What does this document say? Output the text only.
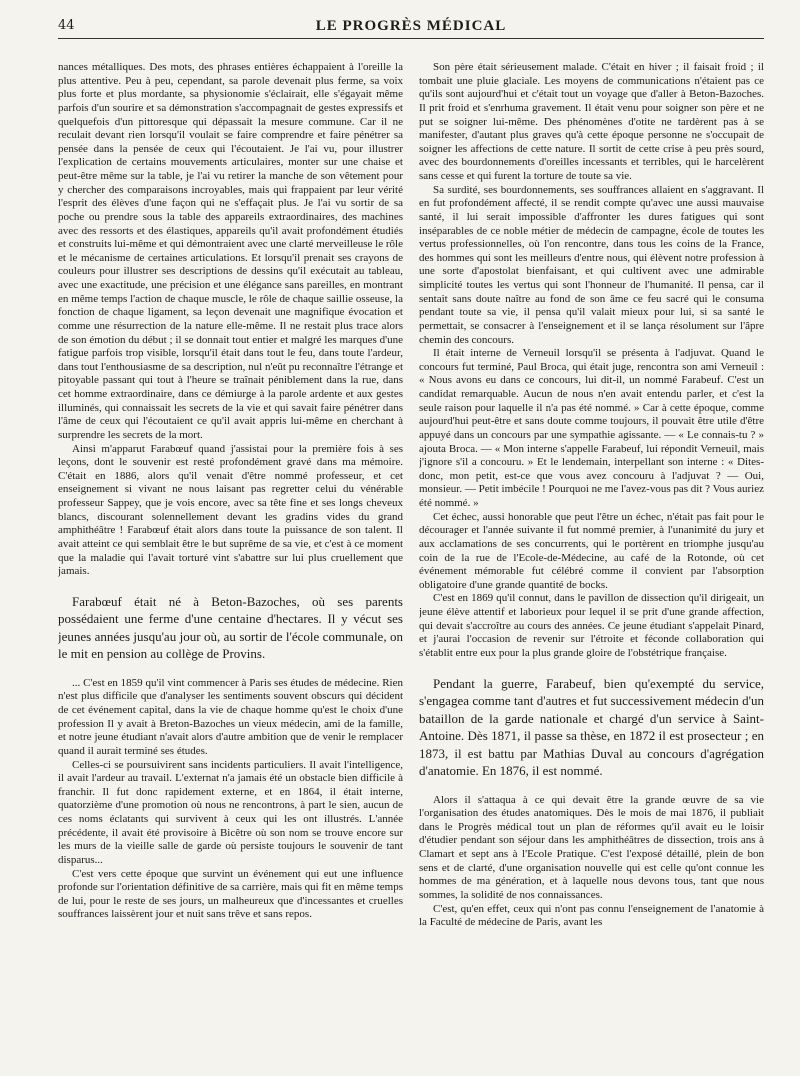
44	LE PROGRÈS MÉDICAL

nances métalliques. Des mots, des phrases entières échappaient à l'oreille la plus attentive. Peu à peu, cependant, sa parole devenait plus ferme, sa voix plus forte et plus mordante, sa physionomie s'éclairait, elle s'égayait même parfois d'un sourire et sa démonstration s'accompagnait de gestes expressifs et quelquefois d'un pittoresque qui dépassait la mesure commune. Car il ne reculait devant rien lorsqu'il voulait se faire comprendre et faire pénétrer sa pensée dans la pensée de ceux qui l'écoutaient. Je l'ai vu, pour illustrer l'explication de certains mouvements articulaires, monter sur une chaise et peut-être même sur la table, je l'ai vu retirer la manche de son vêtement pour y chercher des comparaisons incroyables, mais qui frappaient par leur vérité l'esprit des élèves d'une façon qui ne s'effaçait plus. Je l'ai vu sortir de sa poche ou prendre sous la table des appareils extraordinaires, des machines avec des ressorts et des élastiques, appareils qu'il avait profondément étudiés et construits lui-même et qui démontraient avec une clarté merveilleuse le rôle et le mécanisme de certaines articulations. Et lorsqu'il prenait ses crayons de couleurs pour illustrer ses descriptions de dessins qu'il exécutait au tableau, avec une exactitude, une précision et une élégance sans pareilles, en montrant en même temps l'action de chaque muscle, le rôle de chaque saillie osseuse, la fonction de chaque ligament, sa leçon devenait une magnifique évocation et comme une résurrection de la nature elle-même. Il ne restait plus trace alors de son émotion du début ; il se donnait tout entier et malgré les marques d'une fatigue parfois trop visible, lorsqu'il était dans tout le feu, dans toute l'ardeur, dans tout l'enthousiasme de sa description, nul n'eût pu reconnaître l'étrange et pitoyable passant qui tout à l'heure se traînait péniblement dans la rue, dans cet homme extraordinaire, dans ce démiurge à la parole ardente et aux gestes illuminés, qui connaissait les secrets de la vie et qui savait faire pénétrer dans l'âme de ceux qui l'écoutaient ce qu'il avait appris lui-même en cherchant à surprendre les secrets de la mort.

Ainsi m'apparut Farabœuf quand j'assistai pour la première fois à ses leçons, dont le souvenir est resté profondément gravé dans ma mémoire. C'était en 1886, alors qu'il venait d'être nommé professeur, et cet enseignement si vivant ne nous laisant pas regretter celui du vénérable professeur Sappey, que je vois encore, avec sa tête fine et ses longs cheveux blancs, discourant solennellement devant les gradins vides du grand amphithéâtre ! Farabœuf était alors dans toute la puissance de son talent. Il avait atteint ce qui semblait être le but suprême de sa vie, et c'est à ce moment que la maladie qui l'avait torturé vint s'abattre sur lui plus cruellement que jamais.

Farabœuf était né à Beton-Bazoches, où ses parents possédaient une ferme d'une centaine d'hectares. Il y vécut ses jeunes années jusqu'au jour où, au sortir de l'école communale, on le mit en pension au collège de Provins.

... C'est en 1859 qu'il vint commencer à Paris ses études de médecine. Rien n'est plus difficile que d'analyser les sentiments souvent obscurs qui décident de cet événement capital, dans la vie de chaque homme qu'est le choix d'une profession Il y avait à Breton-Bazoches un vieux médecin, ami de la famille, et notre jeune étudiant n'avait alors d'autre ambition que de venir le remplacer quand il aurait terminé ses études.

Celles-ci se poursuivirent sans incidents particuliers. Il avait l'intelligence, il avait l'ardeur au travail. L'externat n'a jamais été un obstacle bien difficile à franchir. Il fut donc rapidement externe, et en 1864, il était interne, quatorzième d'une promotion où nous ne rencontrons, à part le sien, aucun de ces noms éclatants qui survivent à ceux qui les ont illustrés. L'année précédente, il avait été provisoire à Bicêtre où son nom se trouve encore sur les murs de la vieille salle de garde où persiste toujours le souvenir de tant disparus...

C'est vers cette époque que survint un événement qui eut une influence profonde sur l'orientation définitive de sa carrière, mais qui fit en même temps de lui, pour le reste de ses jours, un malheureux que d'incessantes et cruelles souffrances laissèrent jour et nuit sans trêve et sans repos.

Son père était sérieusement malade. C'était en hiver ; il faisait froid ; il tombait une pluie glaciale. Les moyens de communications n'étaient pas ce qu'ils sont aujourd'hui et c'était tout un voyage que d'aller à Beton-Bazoches. Il prit froid et s'enrhuma gravement. Il était venu pour soigner son père et ne put se soigner lui-même. Des phénomènes d'otite ne tardèrent pas à se manifester, d'autant plus graves qu'à cette époque personne ne s'occupait de soigner les affections de cette nature. Il sortit de cette crise à peu près sourd, avec des bourdonnements d'oreilles incessants et terribles, qui le harcelèrent sans cesse et qui furent la torture de toute sa vie.

Sa surdité, ses bourdonnements, ses souffrances allaient en s'aggravant. Il en fut profondément affecté, il se rendit compte qu'avec une aussi mauvaise santé, il lui serait impossible d'affronter les dures fatigues qui sont inséparables de ce noble métier de médecin de campagne, école de toutes les vertus professionnelles, où l'on rencontre, dans tous les coins de la France, des hommes qui sont les meilleurs d'entre nous, qui élèvent notre profession à une sorte d'apostolat bienfaisant, et qui cultivent avec une admirable simplicité toutes les vertus qui sont l'honneur de l'humanité. Il pensa, car il sentait sans doute naître au fond de son âme ce feu sacré qui le consuma pendant toute sa vie, il pensa qu'il valait mieux pour lui, si sa santé le permettait, se consacrer à l'enseignement et il se lança résolument sur l'âpre chemin des concours.

Il était interne de Verneuil lorsqu'il se présenta à l'adjuvat. Quand le concours fut terminé, Paul Broca, qui était juge, rencontra son ami Verneuil : « Nous avons eu dans ce concours, lui dit-il, un nommé Farabeuf. C'est un candidat remarquable. Aucun de nous n'en avait entendu parler, et c'est la seule raison pour laquelle il n'a pas été nommé. » Car à cette époque, comme aujourd'hui peut-être et sans doute comme toujours, il pouvait être utile d'être appuyé dans un concours par une sympathie agissante. — « Le connais-tu ? » ajouta Broca. — « Mon interne s'appelle Farabeuf, lui répondit Verneuil, mais j'ignore s'il a concouru. » Et le lendemain, interpellant son interne : « Dites-donc, mon petit, est-ce que vous avez concouru à l'adjuvat ? — Oui, monsieur. — Petit imbécile ! Pourquoi ne me l'avez-vous pas dit ? Vous auriez été nommé. »

Cet échec, aussi honorable que peut l'être un échec, n'était pas fait pour le décourager et l'année suivante il fut nommé premier, à l'unanimité du jury et aux acclamations de ses concurrents, qui le portèrent en triomphe jusqu'au coin de la rue de l'Ecole-de-Médecine, au café de la Rotonde, où cet événement mémorable fut célébré comme il convient par l'absorption obligatoire d'une grande quantité de bocks.

C'est en 1869 qu'il connut, dans le pavillon de dissection qu'il dirigeait, un jeune élève attentif et laborieux pour lequel il se prit d'une grande affection, qui devait s'accroître au cours des années. Ce jeune étudiant s'appelait Pinard, et j'aurai l'occasion de revenir sur l'étroite et féconde collaboration qui s'établit entre eux pour la plus grande gloire de l'obstétrique française.

Pendant la guerre, Farabeuf, bien qu'exempté du service, s'engagea comme tant d'autres et fut successivement médecin d'un bataillon de la garde nationale et chargé d'un service à Saint-Antoine. Dès 1871, il passe sa thèse, en 1872 il est prosecteur ; en 1873, il est battu par Mathias Duval au concours d'agrégation d'anatomie. En 1876, il est nommé.

Alors il s'attaqua à ce qui devait être la grande œuvre de sa vie l'organisation des études anatomiques. Dès le mois de mai 1876, il publiait dans le Progrès médical tout un plan de réformes qu'il avait eu le loisir d'étudier pendant son séjour dans les amphithéâtres de dissection, trois ans à Clamart et sept ans à l'Ecole Pratique. C'est l'exposé détaillé, plein de bon sens et de clarté, d'une organisation nouvelle qui est celle qu'ont connue les hommes de ma génération, et à laquelle nous devons tous, tant que nous sommes, la solidité de nos connaissances.

C'est, qu'en effet, ceux qui n'ont pas connu l'enseignement de l'anatomie à la Faculté de médecine de Paris, avant les
